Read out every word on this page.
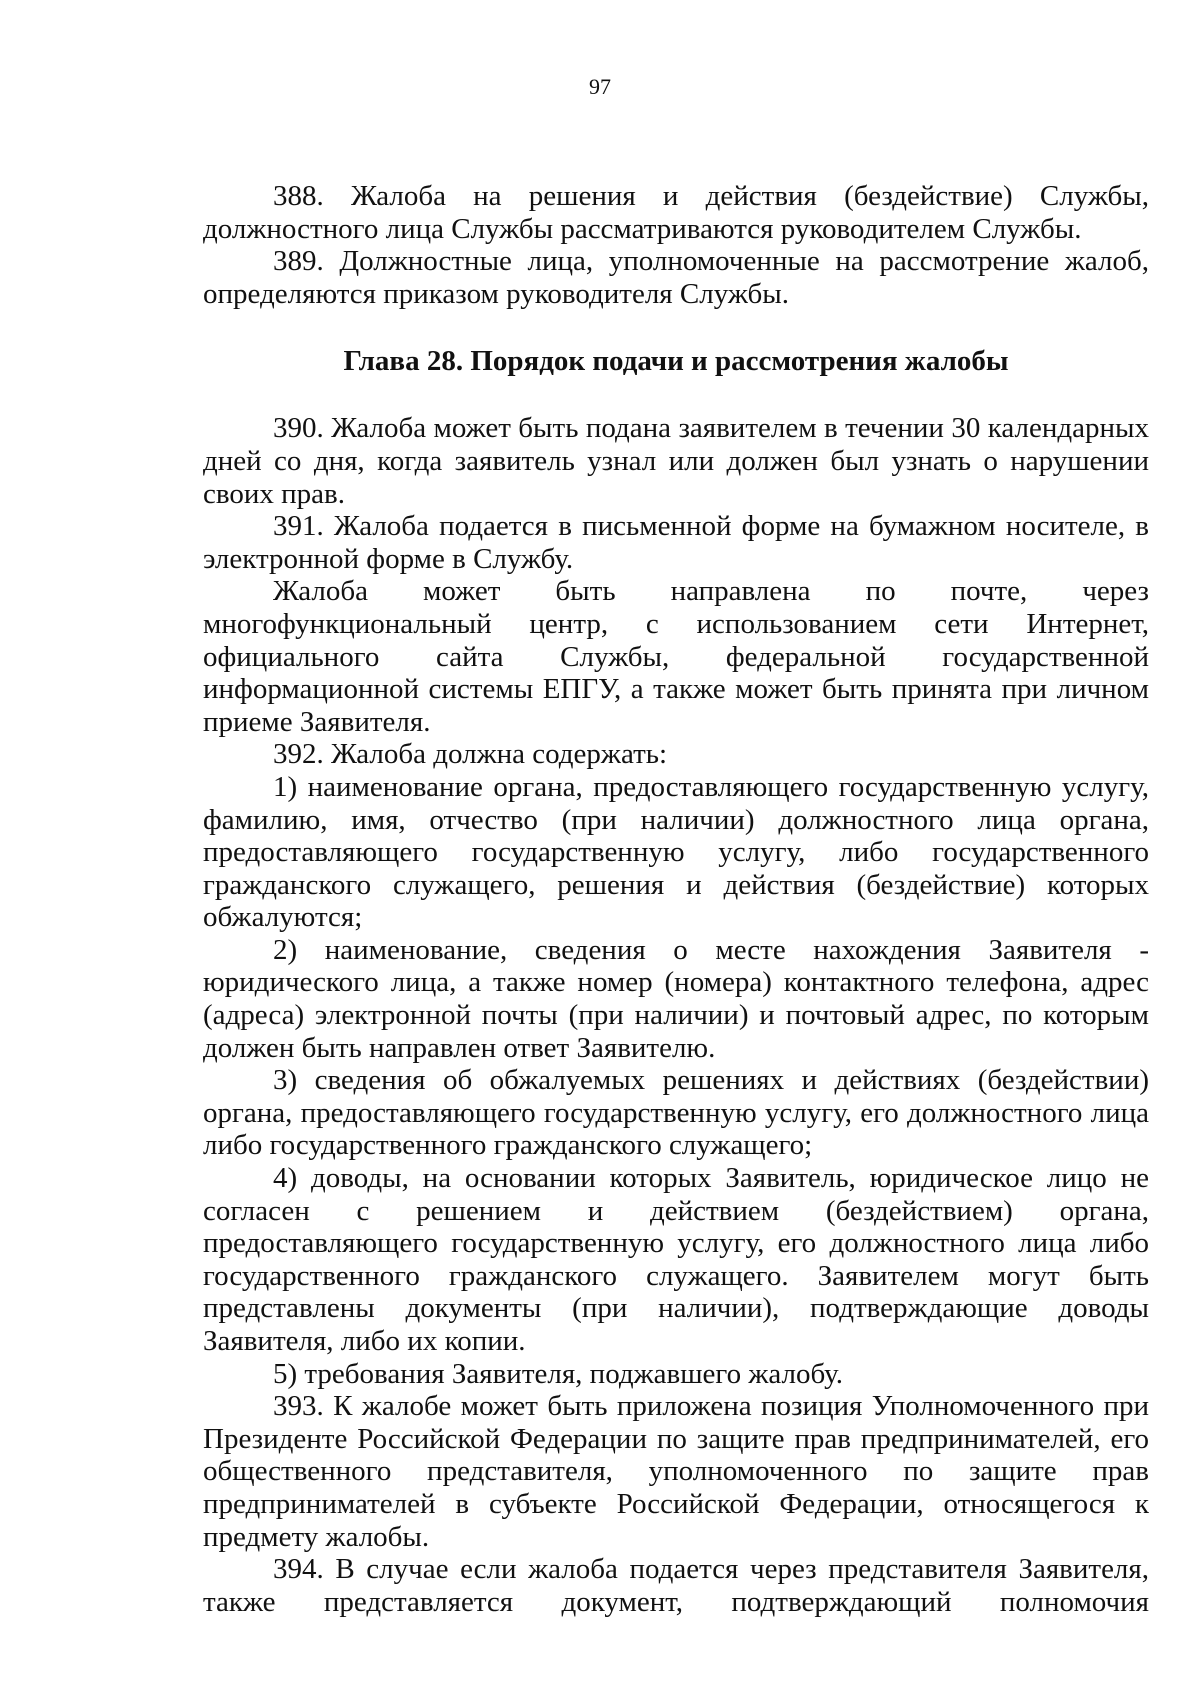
97

388. Жалоба на решения и действия (бездействие) Службы, должностного лица Службы рассматриваются руководителем Службы.

389. Должностные лица, уполномоченные на рассмотрение жалоб, определяются приказом руководителя Службы.

Глава 28. Порядок подачи и рассмотрения жалобы

390. Жалоба может быть подана заявителем в течении 30 календарных дней со дня, когда заявитель узнал или должен был узнать о нарушении своих прав.

391. Жалоба подается в письменной форме на бумажном носителе, в электронной форме в Службу.

Жалоба может быть направлена по почте, через многофункциональный центр, с использованием сети Интернет, официального сайта Службы, федеральной государственной информационной системы ЕПГУ, а также может быть принята при личном приеме Заявителя.

392. Жалоба должна содержать:

1) наименование органа, предоставляющего государственную услугу, фамилию, имя, отчество (при наличии) должностного лица органа, предоставляющего государственную услугу, либо государственного гражданского служащего, решения и действия (бездействие) которых обжалуются;

2) наименование, сведения о месте нахождения Заявителя - юридического лица, а также номер (номера) контактного телефона, адрес (адреса) электронной почты (при наличии) и почтовый адрес, по которым должен быть направлен ответ Заявителю.

3) сведения об обжалуемых решениях и действиях (бездействии) органа, предоставляющего государственную услугу, его должностного лица либо государственного гражданского служащего;

4) доводы, на основании которых Заявитель, юридическое лицо не согласен с решением и действием (бездействием) органа, предоставляющего государственную услугу, его должностного лица либо государственного гражданского служащего. Заявителем могут быть представлены документы (при наличии), подтверждающие доводы Заявителя, либо их копии.

5) требования Заявителя, поджавшего жалобу.

393. К жалобе может быть приложена позиция Уполномоченного при Президенте Российской Федерации по защите прав предпринимателей, его общественного представителя, уполномоченного по защите прав предпринимателей в субъекте Российской Федерации, относящегося к предмету жалобы.

394. В случае если жалоба подается через представителя Заявителя, также представляется документ, подтверждающий полномочия
